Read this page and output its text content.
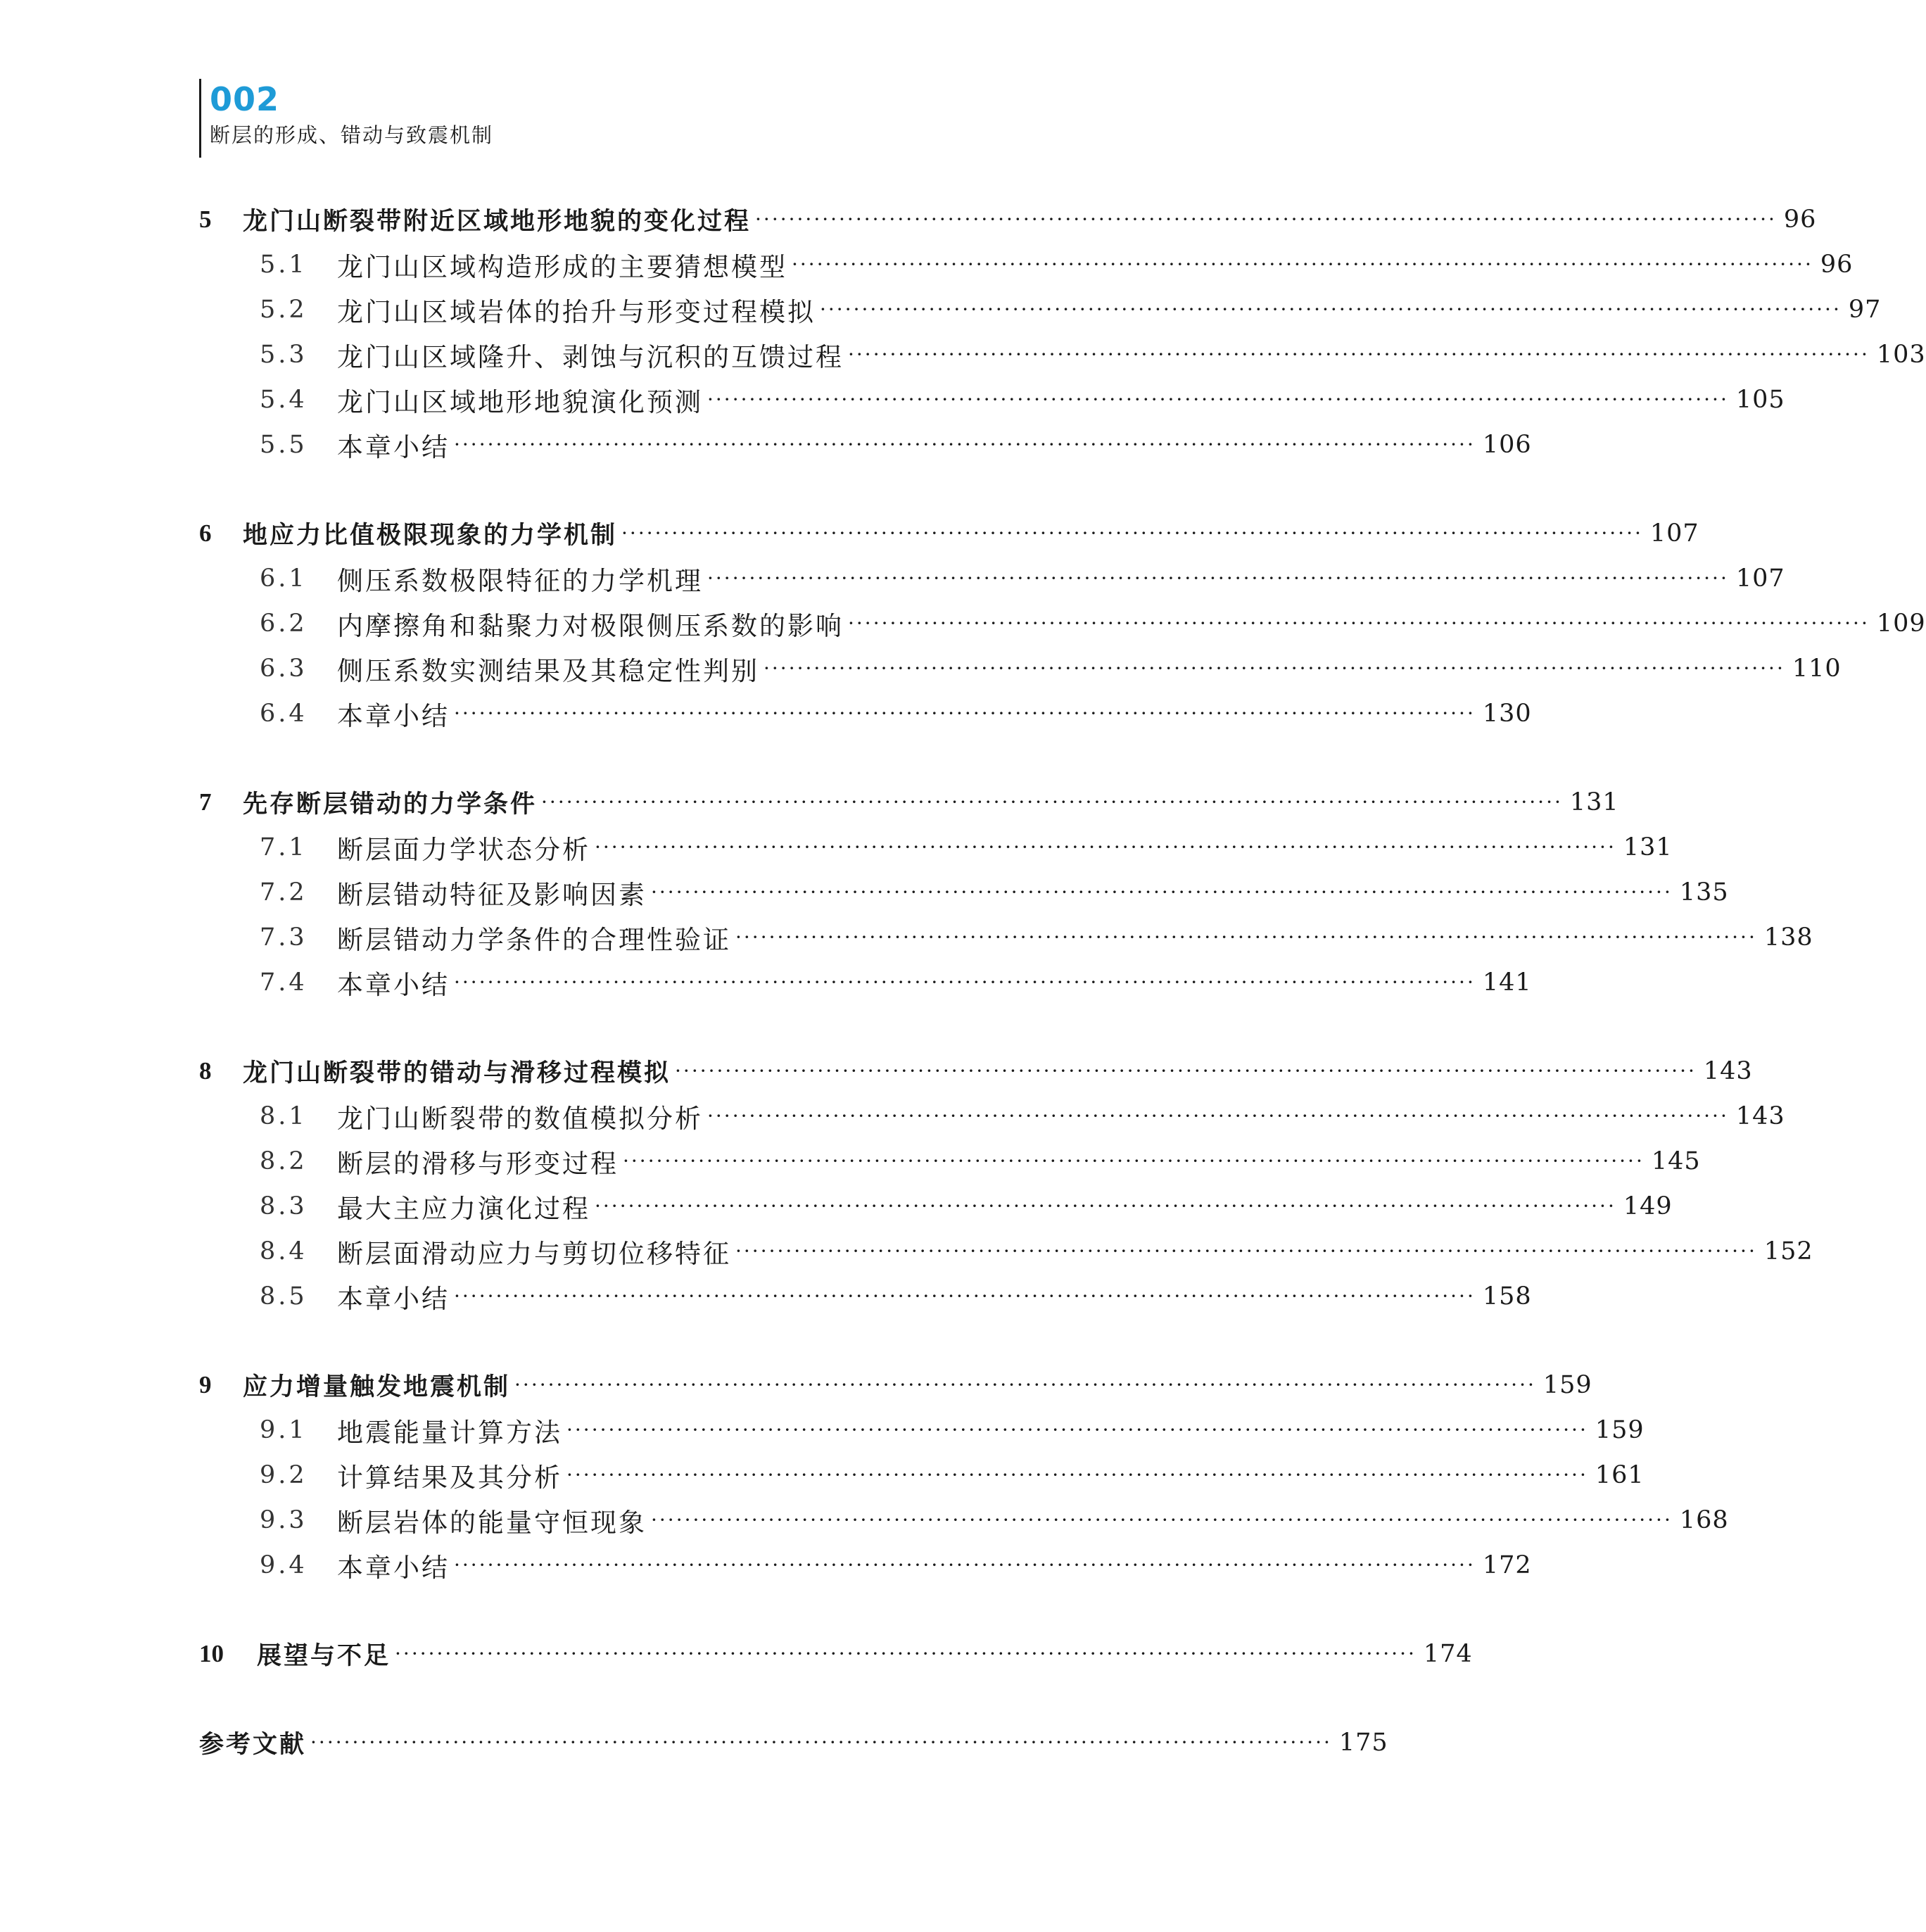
002
断层的形成、错动与致震机制
5	龙门山断裂带附近区域地形地貌的变化过程 ·························································································································· 96
5.1	龙门山区域构造形成的主要猜想模型 ·························································································································· 96
5.2	龙门山区域岩体的抬升与形变过程模拟 ·························································································································· 97
5.3	龙门山区域隆升、剥蚀与沉积的互馈过程 ·························································································································· 103
5.4	龙门山区域地形地貌演化预测 ·························································································································· 105
5.5	本章小结 ·························································································································· 106
6	地应力比值极限现象的力学机制 ·························································································································· 107
6.1	侧压系数极限特征的力学机理 ·························································································································· 107
6.2	内摩擦角和黏聚力对极限侧压系数的影响 ·························································································································· 109
6.3	侧压系数实测结果及其稳定性判别 ·························································································································· 110
6.4	本章小结 ·························································································································· 130
7	先存断层错动的力学条件 ·························································································································· 131
7.1	断层面力学状态分析 ·························································································································· 131
7.2	断层错动特征及影响因素 ·························································································································· 135
7.3	断层错动力学条件的合理性验证 ·························································································································· 138
7.4	本章小结 ·························································································································· 141
8	龙门山断裂带的错动与滑移过程模拟 ·························································································································· 143
8.1	龙门山断裂带的数值模拟分析 ·························································································································· 143
8.2	断层的滑移与形变过程 ·························································································································· 145
8.3	最大主应力演化过程 ·························································································································· 149
8.4	断层面滑动应力与剪切位移特征 ·························································································································· 152
8.5	本章小结 ·························································································································· 158
9	应力增量触发地震机制 ·························································································································· 159
9.1	地震能量计算方法 ·························································································································· 159
9.2	计算结果及其分析 ·························································································································· 161
9.3	断层岩体的能量守恒现象 ·························································································································· 168
9.4	本章小结 ·························································································································· 172
10	展望与不足 ·························································································································· 174
参考文献 ·························································································································· 175
